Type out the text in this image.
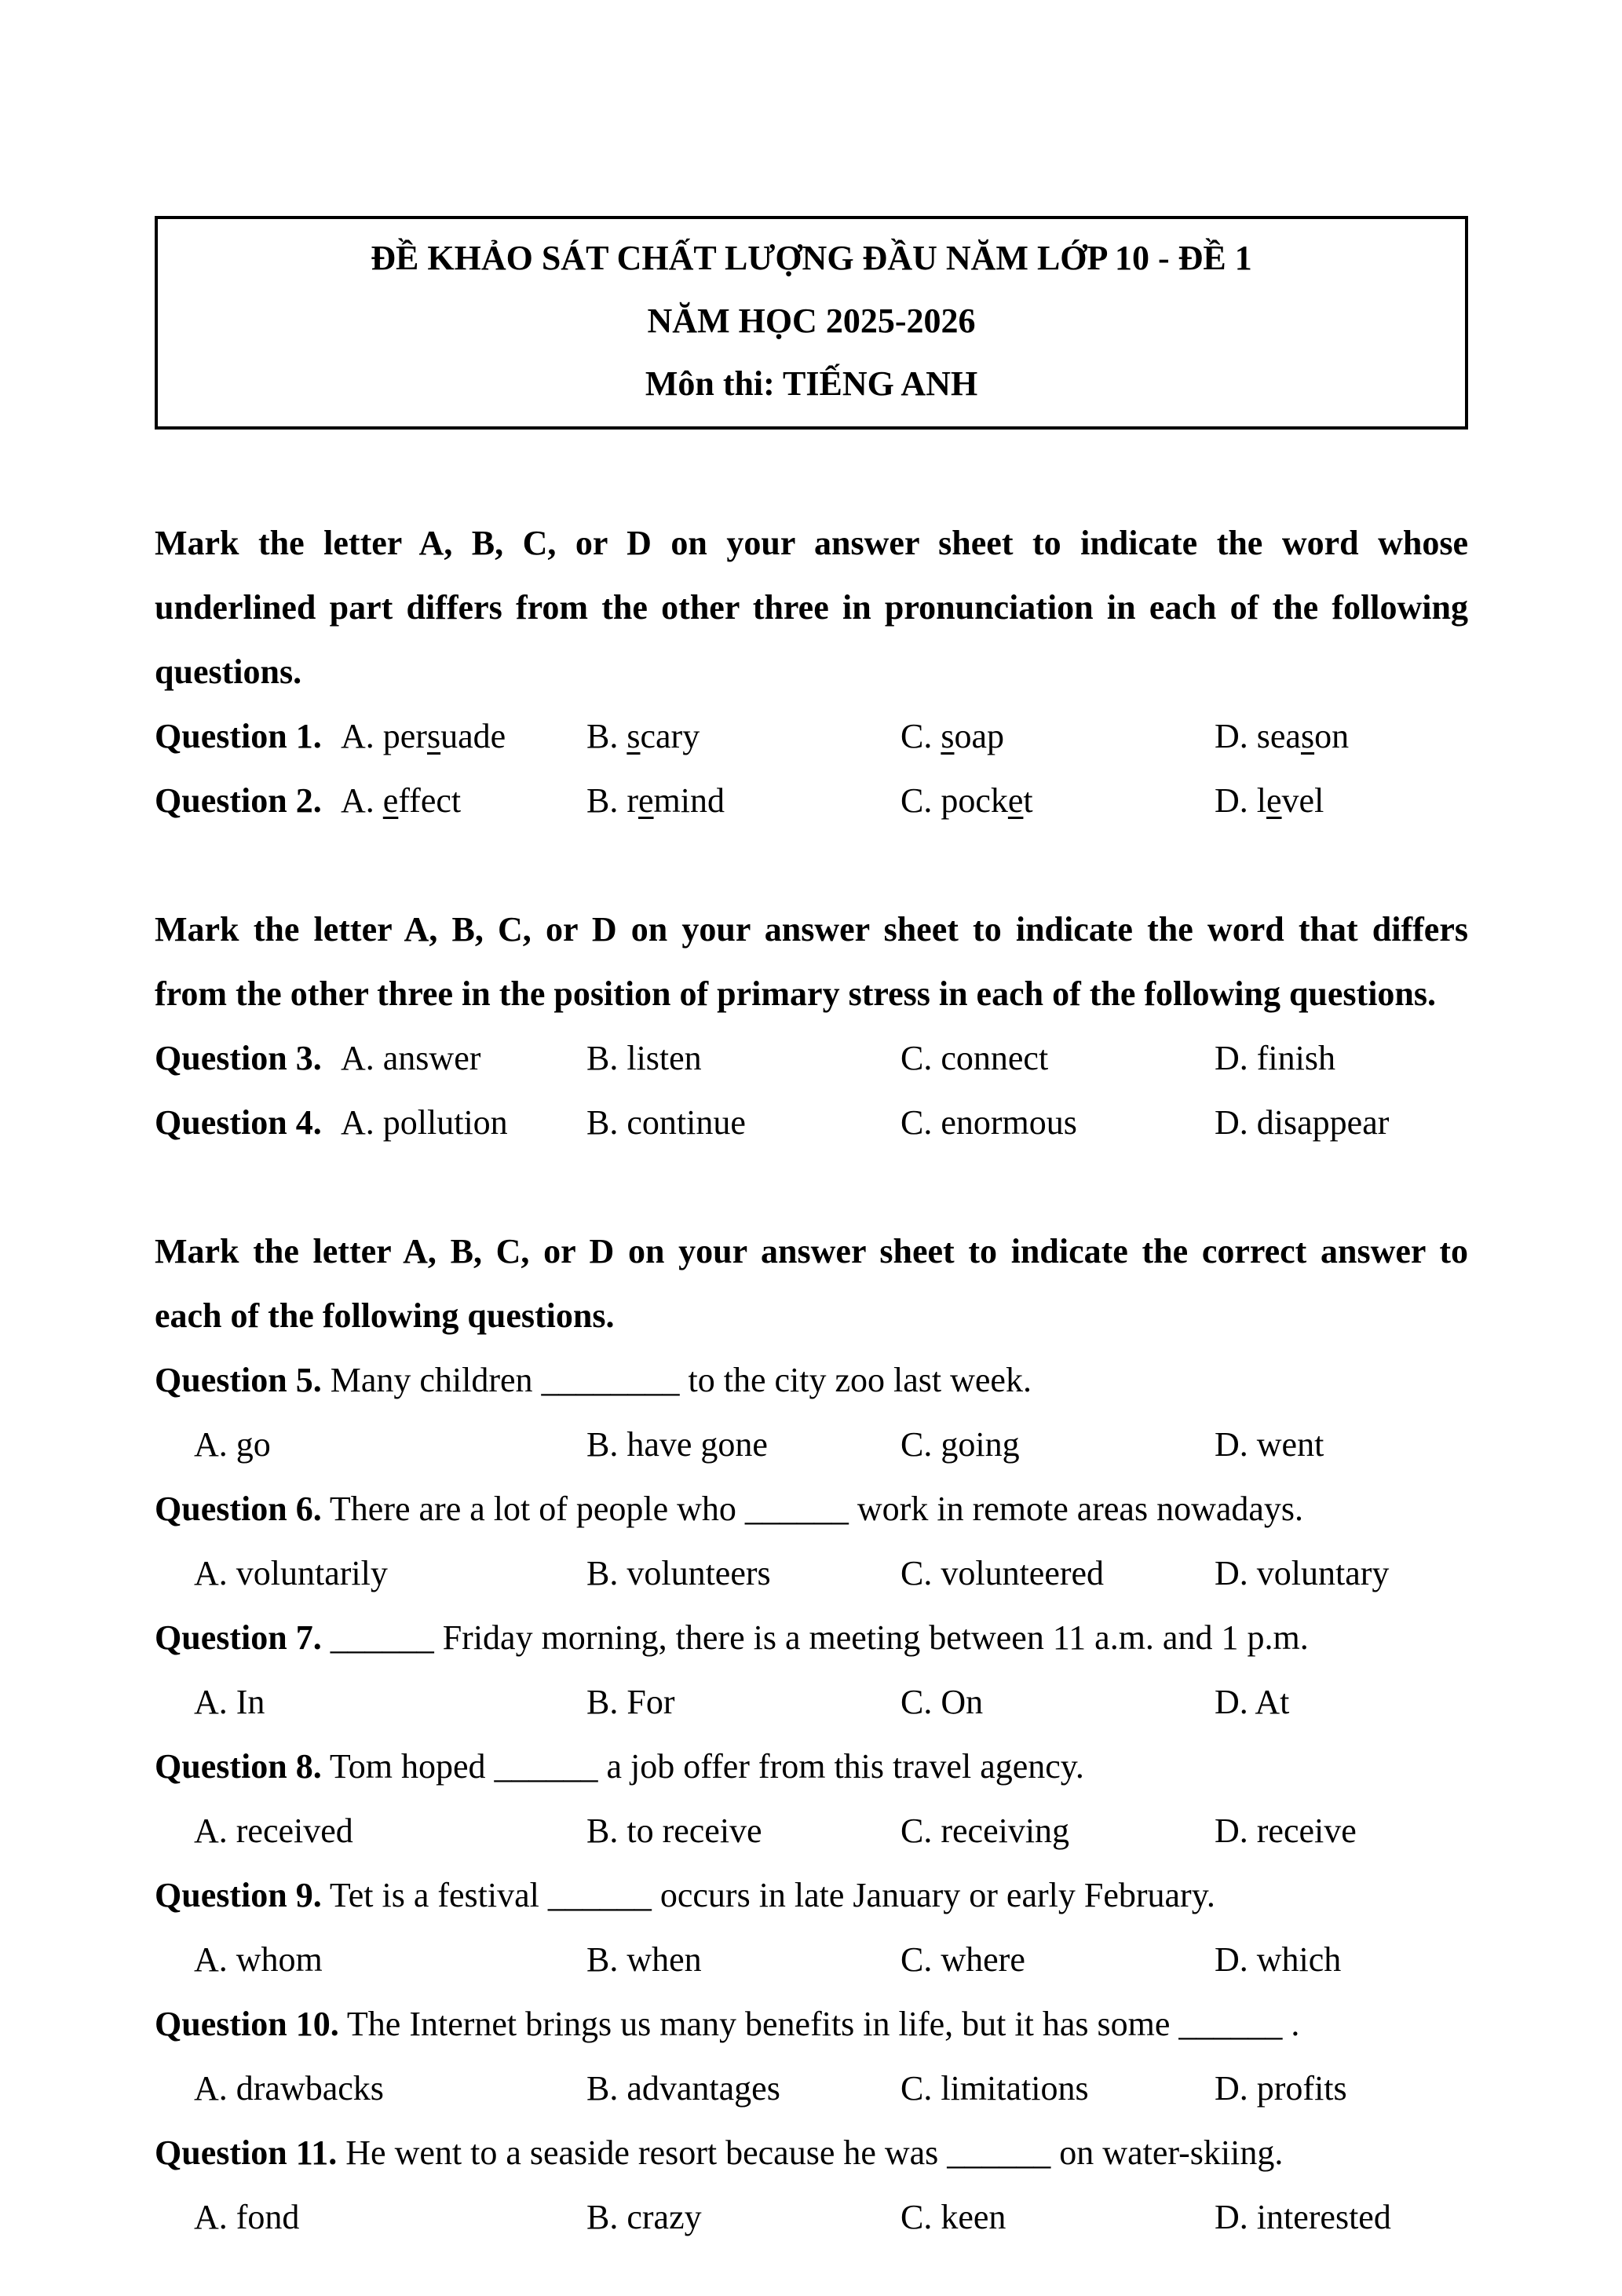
ĐỀ KHẢO SÁT CHẤT LƯỢNG ĐẦU NĂM LỚP 10 - ĐỀ 1
NĂM HỌC 2025-2026
Môn thi: TIẾNG ANH
Mark the letter A, B, C, or D on your answer sheet to indicate the word whose
underlined part differs from the other three in pronunciation in each of the following
questions.
Question 1. A. persuade	B. scary	C. soap	D. season
Question 2. A. effect	B. remind	C. pocket	D. level
Mark the letter A, B, C, or D on your answer sheet to indicate the word that differs
from the other three in the position of primary stress in each of the following questions.
Question 3. A. answer	B. listen	C. connect	D. finish
Question 4. A. pollution	B. continue	C. enormous	D. disappear
Mark the letter A, B, C, or D on your answer sheet to indicate the correct answer to
each of the following questions.
Question 5. Many children ________ to the city zoo last week.
A. go	B. have gone	C. going	D. went
Question 6. There are a lot of people who ______ work in remote areas nowadays.
A. voluntarily	B. volunteers	C. volunteered	D. voluntary
Question 7. ______ Friday morning, there is a meeting between 11 a.m. and 1 p.m.
A. In	B. For	C. On	D. At
Question 8. Tom hoped ______ a job offer from this travel agency.
A. received	B. to receive	C. receiving	D. receive
Question 9. Tet is a festival ______ occurs in late January or early February.
A. whom	B. when	C. where	D. which
Question 10. The Internet brings us many benefits in life, but it has some ______ .
A. drawbacks	B. advantages	C. limitations	D. profits
Question 11. He went to a seaside resort because he was ______ on water-skiing.
A. fond	B. crazy	C. keen	D. interested
